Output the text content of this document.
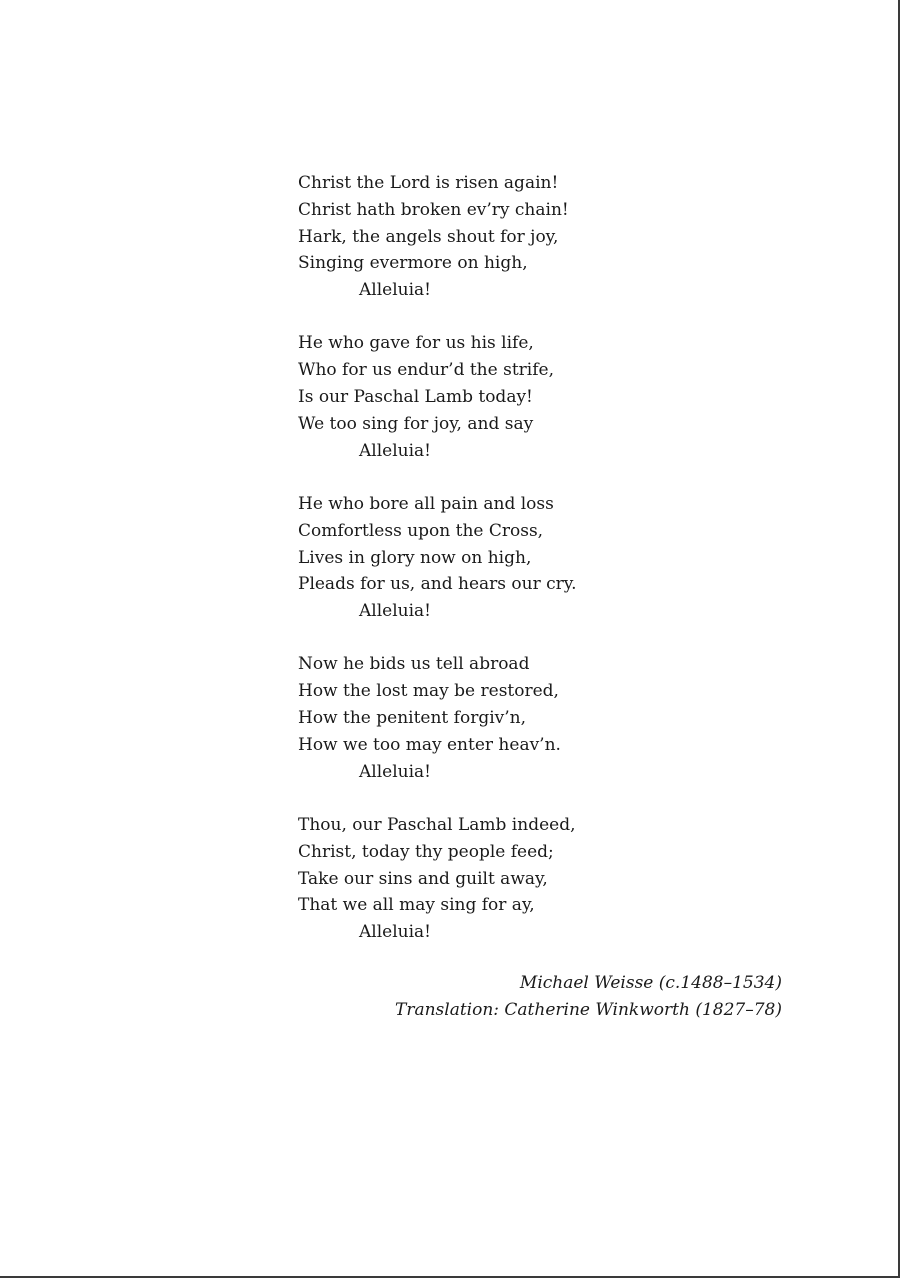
Christ the Lord is risen again!
Christ hath broken ev’ry chain!
Hark, the angels shout for joy,
Singing evermore on high,
Alleluia!
He who gave for us his life,
Who for us endur’d the strife,
Is our Paschal Lamb today!
We too sing for joy, and say
Alleluia!
He who bore all pain and loss
Comfortless upon the Cross,
Lives in glory now on high,
Pleads for us, and hears our cry.
Alleluia!
Now he bids us tell abroad
How the lost may be restored,
How the penitent forgiv’n,
How we too may enter heav’n.
Alleluia!
Thou, our Paschal Lamb indeed,
Christ, today thy people feed;
Take our sins and guilt away,
That we all may sing for ay,
Alleluia!
Michael Weisse (c.1488–1534)
Translation: Catherine Winkworth (1827–78)
